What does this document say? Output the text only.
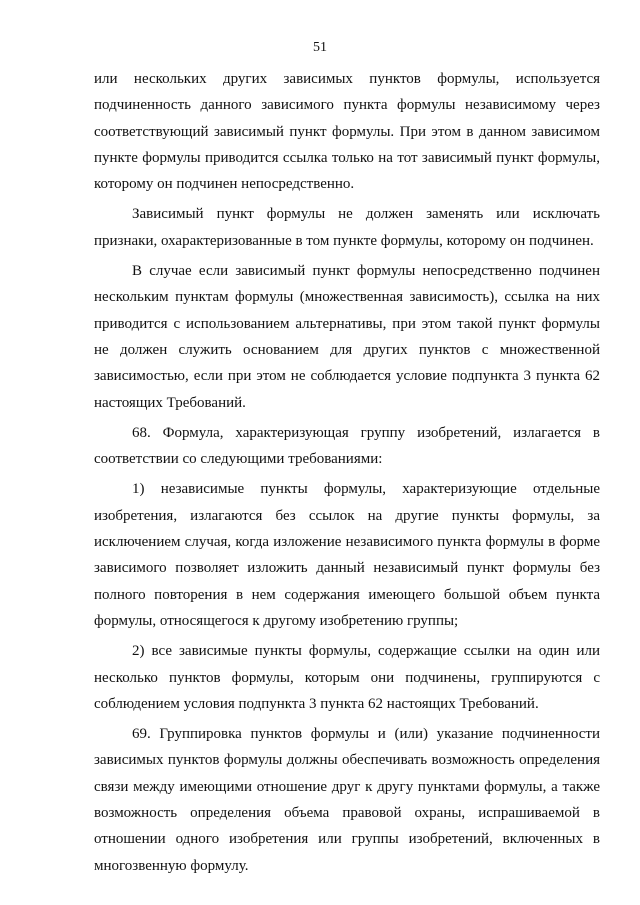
51

или нескольких других зависимых пунктов формулы, используется подчиненность данного зависимого пункта формулы независимому через соответствующий зависимый пункт формулы. При этом в данном зависимом пункте формулы приводится ссылка только на тот зависимый пункт формулы, которому он подчинен непосредственно.

Зависимый пункт формулы не должен заменять или исключать признаки, охарактеризованные в том пункте формулы, которому он подчинен.

В случае если зависимый пункт формулы непосредственно подчинен нескольким пунктам формулы (множественная зависимость), ссылка на них приводится с использованием альтернативы, при этом такой пункт формулы не должен служить основанием для других пунктов с множественной зависимостью, если при этом не соблюдается условие подпункта 3 пункта 62 настоящих Требований.

68. Формула, характеризующая группу изобретений, излагается в соответствии со следующими требованиями:

1) независимые пункты формулы, характеризующие отдельные изобретения, излагаются без ссылок на другие пункты формулы, за исключением случая, когда изложение независимого пункта формулы в форме зависимого позволяет изложить данный независимый пункт формулы без полного повторения в нем содержания имеющего большой объем пункта формулы, относящегося к другому изобретению группы;

2) все зависимые пункты формулы, содержащие ссылки на один или несколько пунктов формулы, которым они подчинены, группируются с соблюдением условия подпункта 3 пункта 62 настоящих Требований.

69. Группировка пунктов формулы и (или) указание подчиненности зависимых пунктов формулы должны обеспечивать возможность определения связи между имеющими отношение друг к другу пунктами формулы, а также возможность определения объема правовой охраны, испрашиваемой в отношении одного изобретения или группы изобретений, включенных в многозвенную формулу.
